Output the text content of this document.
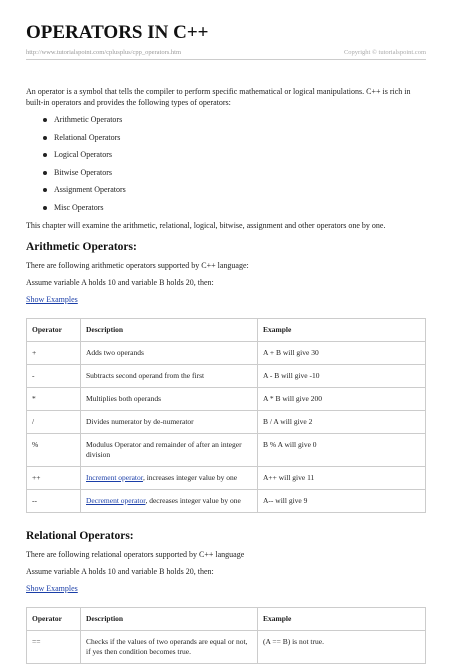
OPERATORS IN C++
http://www.tutorialspoint.com/cplusplus/cpp_operators.htm	Copyright © tutorialspoint.com

An operator is a symbol that tells the compiler to perform specific mathematical or logical manipulations. C++ is rich in built-in operators and provides the following types of operators:

Arithmetic Operators
Relational Operators
Logical Operators
Bitwise Operators
Assignment Operators
Misc Operators

This chapter will examine the arithmetic, relational, logical, bitwise, assignment and other operators one by one.

Arithmetic Operators:

There are following arithmetic operators supported by C++ language:

Assume variable A holds 10 and variable B holds 20, then:

Show Examples

Operator	Description	Example
+	Adds two operands	A + B will give 30
-	Subtracts second operand from the first	A - B will give -10
*	Multiplies both operands	A * B will give 200
/	Divides numerator by de-numerator	B / A will give 2
%	Modulus Operator and remainder of after an integer division	B % A will give 0
++	Increment operator, increases integer value by one	A++ will give 11
--	Decrement operator, decreases integer value by one	A-- will give 9
Relational Operators:

There are following relational operators supported by C++ language

Assume variable A holds 10 and variable B holds 20, then:

Show Examples

Operator	Description	Example
==	Checks if the values of two operands are equal or not, if yes then condition becomes true.	(A == B) is not true.
